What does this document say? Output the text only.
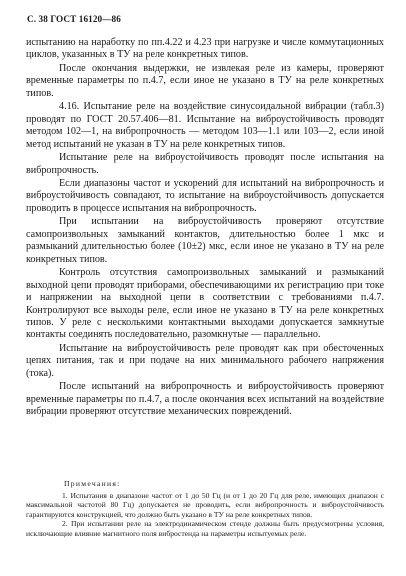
С. 38 ГОСТ 16120—86

испытанию на наработку по пп.4.22 и 4.23 при нагрузке и числе коммутационных циклов, указанных в ТУ на реле конкретных типов.

После окончания выдержки, не извлекая реле из камеры, проверяют временные параметры по п.4.7, если иное не указано в ТУ на реле конкретных типов.

4.16. Испытание реле на воздействие синусоидальной вибрации (табл.3) проводят по ГОСТ 20.57.406—81. Испытание на виброустойчивость проводят методом 102—1, на вибропрочность — методом 103—1.1 или 103—2, если иной метод испытаний не указан в ТУ на реле конкретных типов.

Испытание реле на виброустойчивость проводят после испытания на вибропрочность.

Если диапазоны частот и ускорений для испытаний на вибропрочность и виброустойчивость совпадают, то испытание на виброустойчивость допускается проводить в процессе испытания на вибропрочность.

При испытании на виброустойчивость проверяют отсутствие самопроизвольных замыканий контактов, длительностью более 1 мкс и размыканий длительностью более (10±2) мкс, если иное не указано в ТУ на реле конкретных типов.

Контроль отсутствия самопроизвольных замыканий и размыканий выходной цепи проводят приборами, обеспечивающими их регистрацию при токе и напряжении на выходной цепи в соответствии с требованиями п.4.7. Контролируют все выходы реле, если иное не указано в ТУ на реле конкретных типов. У реле с несколькими контактными выходами допускается замкнутые контакты соединять последовательно, разомкнутые — параллельно.

Испытание на виброустойчивость реле проводят как при обесточенных цепях питания, так и при подаче на них минимального рабочего напряжения (тока).

После испытаний на вибропрочность и виброустойчивость проверяют временные параметры по п.4.7, а после окончания всех испытаний на воздействие вибрации проверяют отсутствие механических повреждений.

Примечания:

1. Испытания в диапазоне частот от 1 до 50 Гц (и от 1 до 20 Гц для реле, имеющих диапазон с максимальной частотой 80 Гц) допускается не проводить, если вибропрочность и виброустойчивость гарантируются конструкцией, что должно быть указано в ТУ на реле конкретных типов.

2. При испытании реле на электродинамическом стенде должны быть предусмотрены условия, исключающие влияние магнитного поля вибростенда на параметры испытуемых реле.
